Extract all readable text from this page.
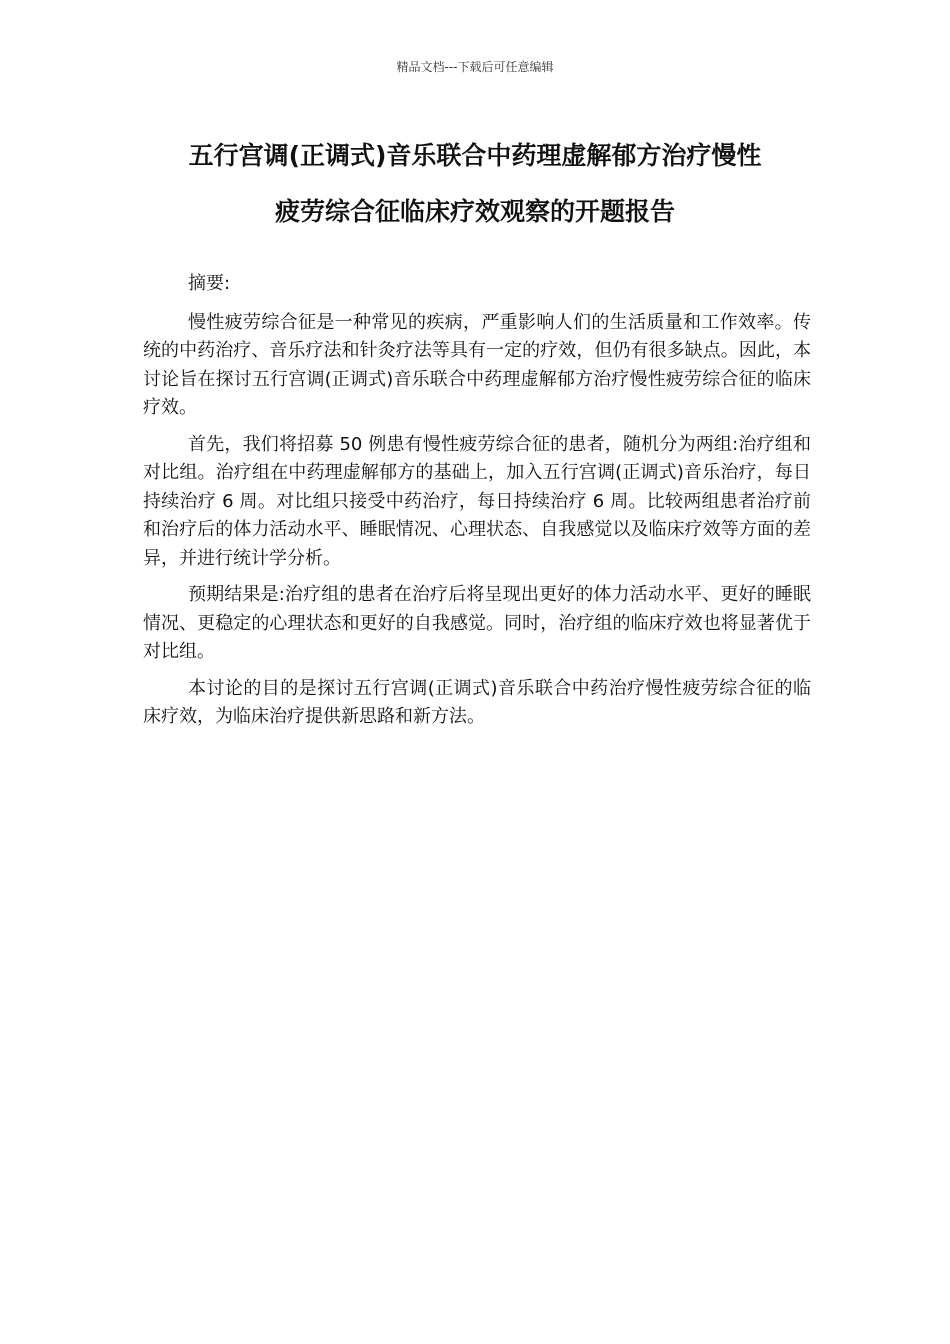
精品文档---下载后可任意编辑
五行宫调(正调式)音乐联合中药理虚解郁方治疗慢性
疲劳综合征临床疗效观察的开题报告

摘要:

慢性疲劳综合征是一种常见的疾病，严重影响人们的生活质量和工作效率。传统的中药治疗、音乐疗法和针灸疗法等具有一定的疗效，但仍有很多缺点。因此，本讨论旨在探讨五行宫调(正调式)音乐联合中药理虚解郁方治疗慢性疲劳综合征的临床疗效。

首先，我们将招募 50 例患有慢性疲劳综合征的患者，随机分为两组:治疗组和对比组。治疗组在中药理虚解郁方的基础上，加入五行宫调(正调式)音乐治疗，每日持续治疗 6 周。对比组只接受中药治疗，每日持续治疗 6 周。比较两组患者治疗前和治疗后的体力活动水平、睡眠情况、心理状态、自我感觉以及临床疗效等方面的差异，并进行统计学分析。

预期结果是:治疗组的患者在治疗后将呈现出更好的体力活动水平、更好的睡眠情况、更稳定的心理状态和更好的自我感觉。同时，治疗组的临床疗效也将显著优于对比组。

本讨论的目的是探讨五行宫调(正调式)音乐联合中药治疗慢性疲劳综合征的临床疗效，为临床治疗提供新思路和新方法。
